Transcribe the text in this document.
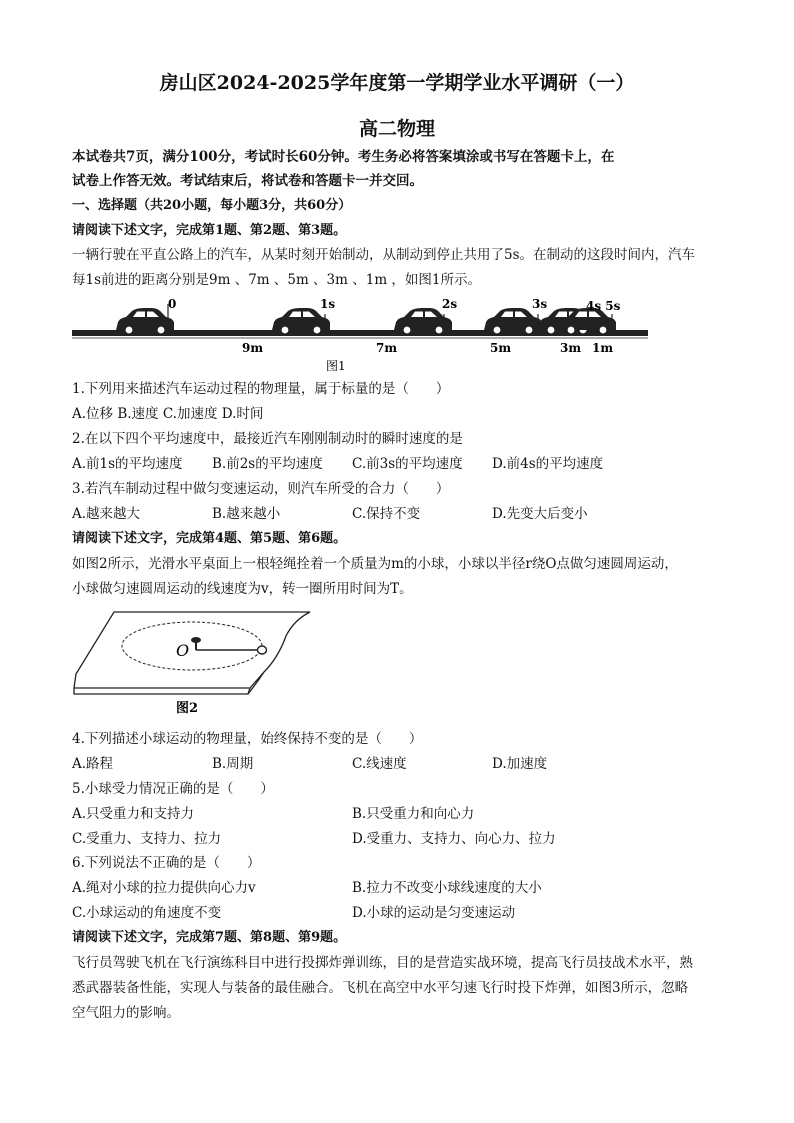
房山区2024-2025学年度第一学期学业水平调研（一）
高二物理
本试卷共7页，满分100分，考试时长60分钟。考生务必将答案填涂或书写在答题卡上，在
试卷上作答无效。考试结束后，将试卷和答题卡一并交回。
一、选择题（共20小题，每小题3分，共60分）
请阅读下述文字，完成第1题、第2题、第3题。
一辆行驶在平直公路上的汽车，从某时刻开始制动，从制动到停止共用了5s。在制动的这段时间内，汽车
每1s前进的距离分别是9m 、7m 、5m 、3m 、1m ，如图1所示。
0	1s	2s	3s	4s 5s
9m	7m	5m	3m 1m
图1
1.下列用来描述汽车运动过程的物理量，属于标量的是（　　）
A.位移 B.速度 C.加速度 D.时间
2.在以下四个平均速度中，最接近汽车刚刚制动时的瞬时速度的是
A.前1s的平均速度 B.前2s的平均速度 C.前3s的平均速度 D.前4s的平均速度
3.若汽车制动过程中做匀变速运动，则汽车所受的合力（　　）
A.越来越大	B.越来越小	C.保持不变	D.先变大后变小
请阅读下述文字，完成第4题、第5题、第6题。
如图2所示，光滑水平桌面上一根轻绳拴着一个质量为m的小球，小球以半径r绕O点做匀速圆周运动，
小球做匀速圆周运动的线速度为v，转一圈所用时间为T。
O
图2
4.下列描述小球运动的物理量，始终保持不变的是（　　）
A.路程	B.周期	C.线速度	D.加速度
5.小球受力情况正确的是（　　）
A.只受重力和支持力	B.只受重力和向心力
C.受重力、支持力、拉力	D.受重力、支持力、向心力、拉力
6.下列说法不正确的是（　　）
A.绳对小球的拉力提供向心力v	B.拉力不改变小球线速度的大小
C.小球运动的角速度不变	D.小球的运动是匀变速运动
请阅读下述文字，完成第7题、第8题、第9题。
飞行员驾驶飞机在飞行演练科目中进行投掷炸弹训练，目的是营造实战环境，提高飞行员技战术水平，熟
悉武器装备性能，实现人与装备的最佳融合。飞机在高空中水平匀速飞行时投下炸弹，如图3所示，忽略
空气阻力的影响。
